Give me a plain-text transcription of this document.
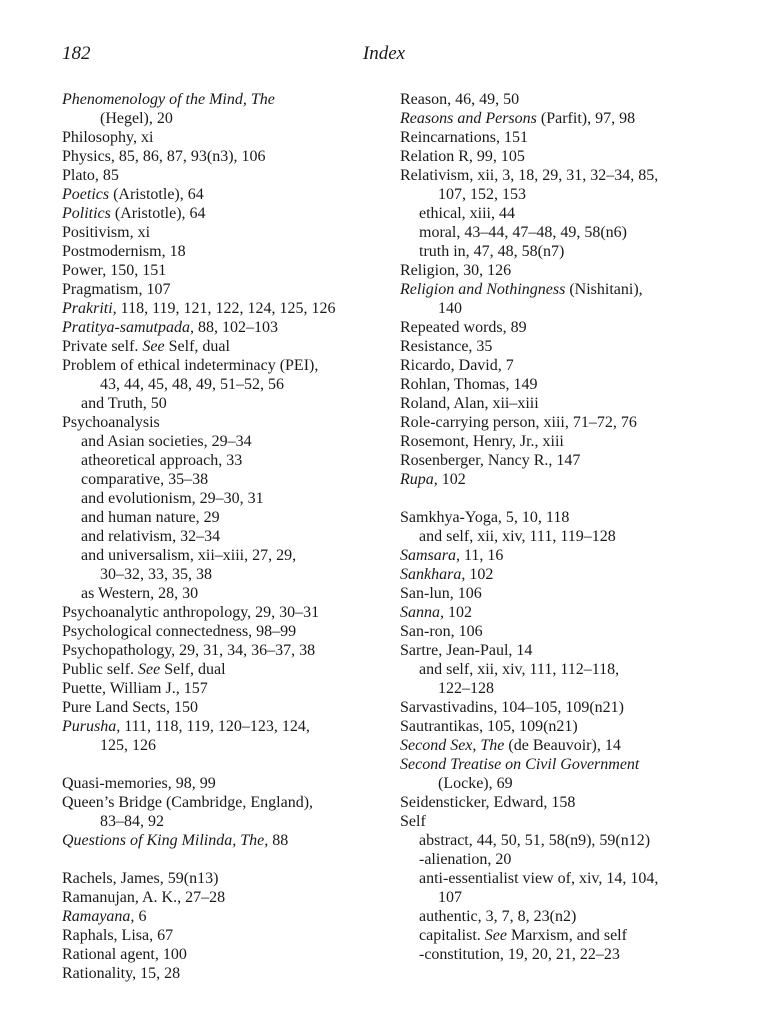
182	Index
Phenomenology of the Mind, The
(Hegel), 20
Philosophy, xi
Physics, 85, 86, 87, 93(n3), 106
Plato, 85
Poetics (Aristotle), 64
Politics (Aristotle), 64
Positivism, xi
Postmodernism, 18
Power, 150, 151
Pragmatism, 107
Prakriti, 118, 119, 121, 122, 124, 125, 126
Pratitya-samutpada, 88, 102–103
Private self. See Self, dual
Problem of ethical indeterminacy (PEI),
43, 44, 45, 48, 49, 51–52, 56
and Truth, 50
Psychoanalysis
and Asian societies, 29–34
atheoretical approach, 33
comparative, 35–38
and evolutionism, 29–30, 31
and human nature, 29
and relativism, 32–34
and universalism, xii–xiii, 27, 29,
30–32, 33, 35, 38
as Western, 28, 30
Psychoanalytic anthropology, 29, 30–31
Psychological connectedness, 98–99
Psychopathology, 29, 31, 34, 36–37, 38
Public self. See Self, dual
Puette, William J., 157
Pure Land Sects, 150
Purusha, 111, 118, 119, 120–123, 124,
125, 126
Quasi-memories, 98, 99
Queen’s Bridge (Cambridge, England),
83–84, 92
Questions of King Milinda, The, 88
Rachels, James, 59(n13)
Ramanujan, A. K., 27–28
Ramayana, 6
Raphals, Lisa, 67
Rational agent, 100
Rationality, 15, 28
Reason, 46, 49, 50
Reasons and Persons (Parfit), 97, 98
Reincarnations, 151
Relation R, 99, 105
Relativism, xii, 3, 18, 29, 31, 32–34, 85,
107, 152, 153
ethical, xiii, 44
moral, 43–44, 47–48, 49, 58(n6)
truth in, 47, 48, 58(n7)
Religion, 30, 126
Religion and Nothingness (Nishitani),
140
Repeated words, 89
Resistance, 35
Ricardo, David, 7
Rohlan, Thomas, 149
Roland, Alan, xii–xiii
Role-carrying person, xiii, 71–72, 76
Rosemont, Henry, Jr., xiii
Rosenberger, Nancy R., 147
Rupa, 102
Samkhya-Yoga, 5, 10, 118
and self, xii, xiv, 111, 119–128
Samsara, 11, 16
Sankhara, 102
San-lun, 106
Sanna, 102
San-ron, 106
Sartre, Jean-Paul, 14
and self, xii, xiv, 111, 112–118,
122–128
Sarvastivadins, 104–105, 109(n21)
Sautrantikas, 105, 109(n21)
Second Sex, The (de Beauvoir), 14
Second Treatise on Civil Government
(Locke), 69
Seidensticker, Edward, 158
Self
abstract, 44, 50, 51, 58(n9), 59(n12)
-alienation, 20
anti-essentialist view of, xiv, 14, 104,
107
authentic, 3, 7, 8, 23(n2)
capitalist. See Marxism, and self
-constitution, 19, 20, 21, 22–23
